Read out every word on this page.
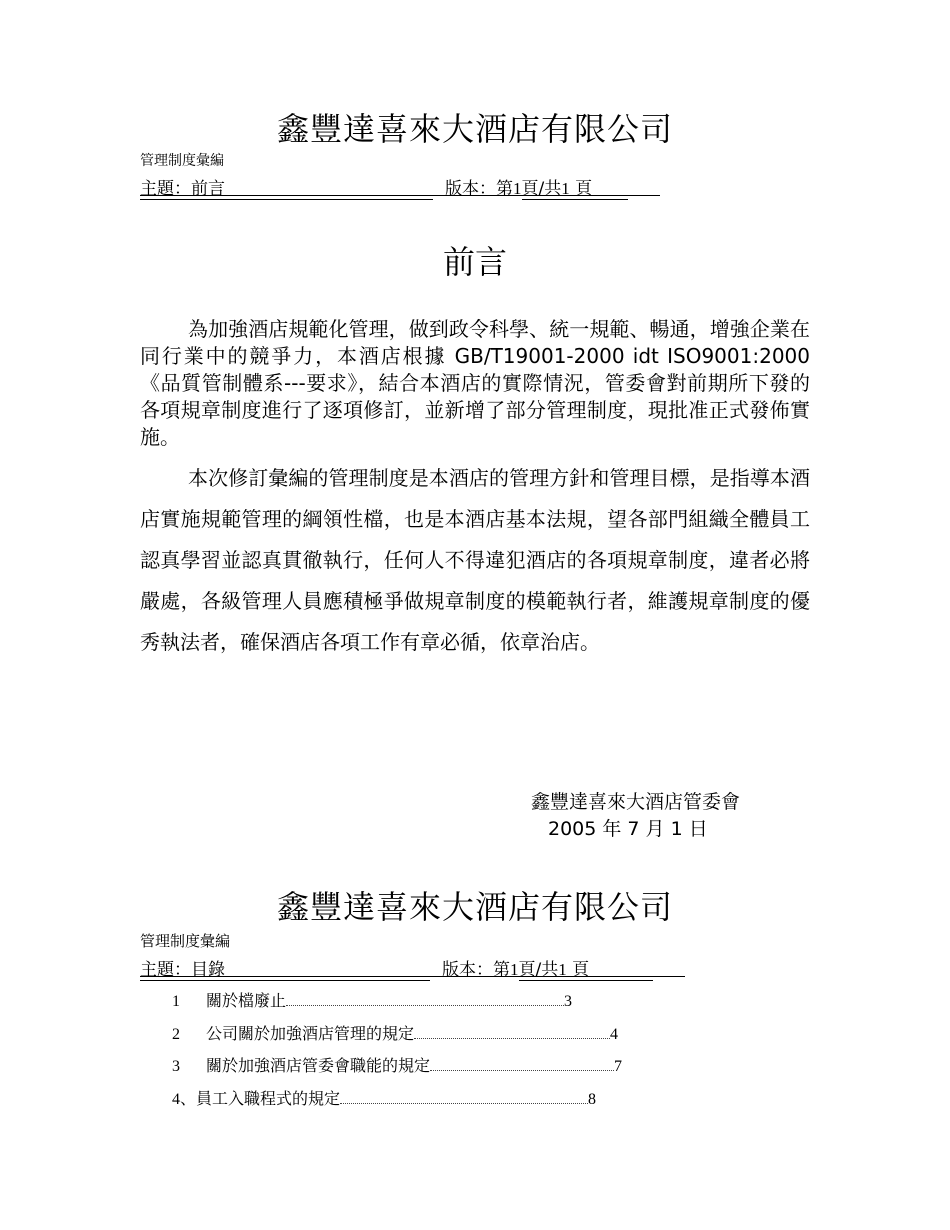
鑫豐達喜來大酒店有限公司
管理制度彙編
主題：前言	版本：第1頁/共1 頁
前言
為加強酒店規範化管理，做到政令科學、統一規範、暢通，增強企業在同行業中的競爭力，本酒店根據 GB/T19001-2000 idt ISO9001:2000《品質管制體系---要求》，結合本酒店的實際情況，管委會對前期所下發的各項規章制度進行了逐項修訂，並新增了部分管理制度，現批准正式發佈實施。
本次修訂彙編的管理制度是本酒店的管理方針和管理目標，是指導本酒店實施規範管理的綱領性檔，也是本酒店基本法規，望各部門組織全體員工認真學習並認真貫徹執行，任何人不得違犯酒店的各項規章制度，違者必將嚴處，各級管理人員應積極爭做規章制度的模範執行者，維護規章制度的優秀執法者，確保酒店各項工作有章必循，依章治店。
鑫豐達喜來大酒店管委會
2005 年 7 月 1 日
鑫豐達喜來大酒店有限公司
管理制度彙編
主題：目錄	版本：第1頁/共1 頁
1	關於檔廢止	3
2	公司關於加強酒店管理的規定	4
3	關於加強酒店管委會職能的規定	7
4、 員工入職程式的規定	8
